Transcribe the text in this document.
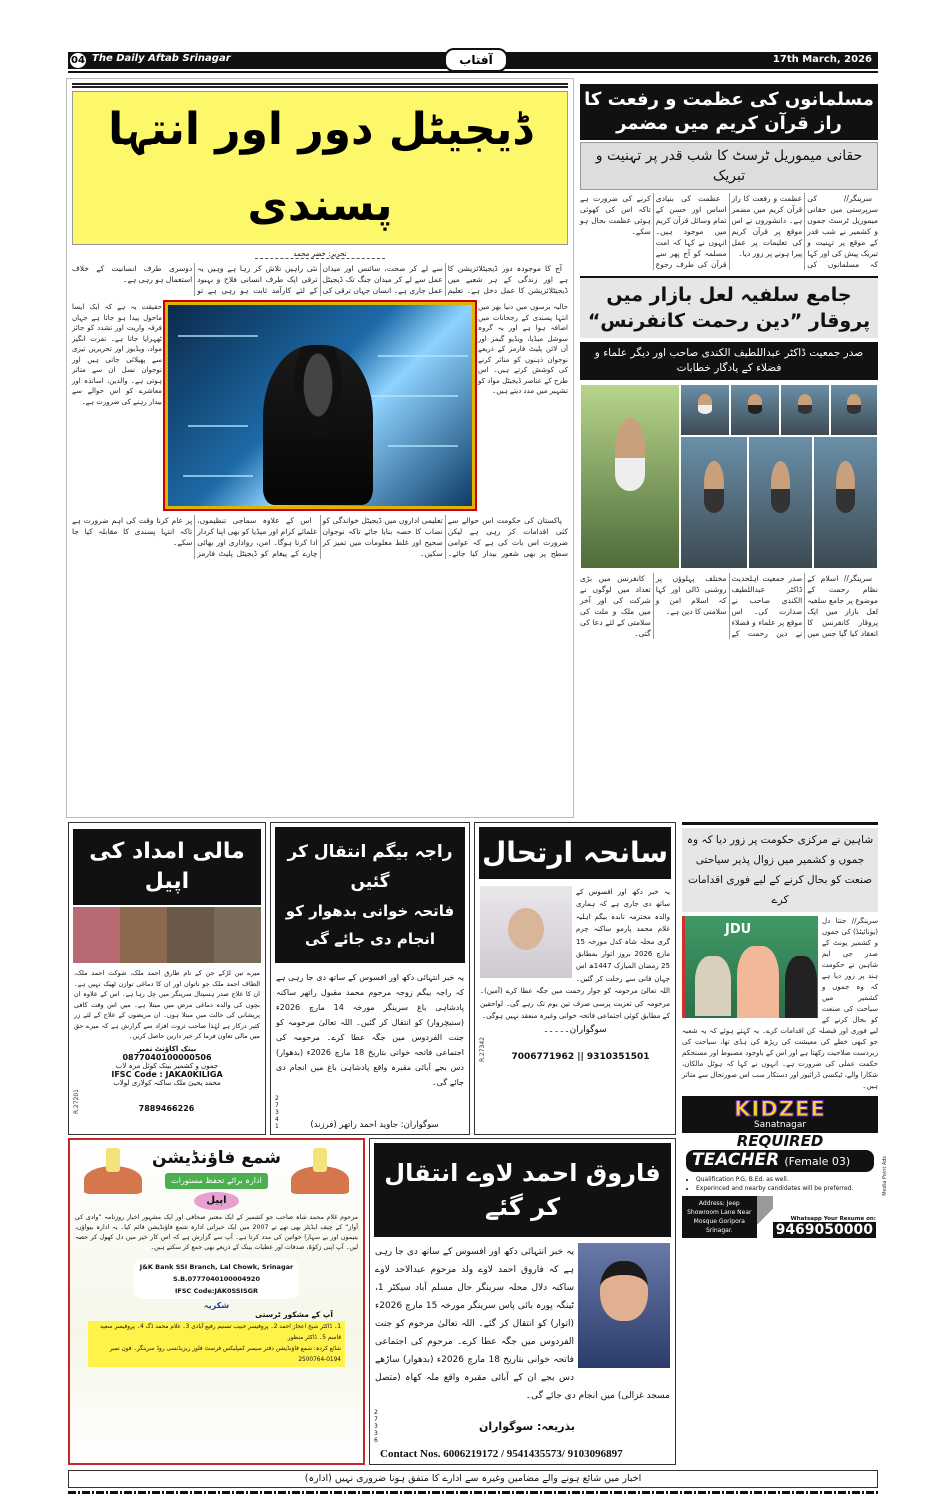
04 The Daily Aftab Srinagar	آفتاب	17th March, 2026
ڈیجیٹل دور اور انتہا پسندی
تحریر: خضر محمد

آج کا موجودہ دور ڈیجیٹلائزیشن کا ہے اور زندگی کے ہر شعبے میں ڈیجیٹلائزیشن کا عمل دخل ہے۔ تعلیم سے لے کر صحت، سائنس اور میدان عمل سے لے کر میدان جنگ تک ڈیجیٹل عمل جاری ہے۔ انسان جہاں ترقی کی نئی راہیں تلاش کر رہا ہے وہیں یہ ترقی ایک طرف انسانی فلاح و بہبود کے لئے کارآمد ثابت ہو رہی ہے تو دوسری طرف انسانیت کے خلاف استعمال ہو رہی ہے۔

حقیقت یہ ہے کہ ایک ایسا ماحول پیدا ہو جاتا ہے جہاں فرقہ واریت اور تشدد کو جائز ٹھہرایا جاتا ہے۔ نفرت انگیز مواد، ویڈیوز اور تحریریں تیزی سے پھیلائی جاتی ہیں اور نوجوان نسل ان سے متاثر ہوتی ہے۔ والدین، اساتذہ اور معاشرے کو اس حوالے سے بیدار رہنے کی ضرورت ہے۔
حالیہ برسوں میں دنیا بھر میں انتہا پسندی کے رجحانات میں اضافہ ہوا ہے اور یہ گروہ سوشل میڈیا، ویڈیو گیمز اور آن لائن پلیٹ فارمز کے ذریعے نوجوان ذہنوں کو متاثر کرنے کی کوشش کرتے ہیں۔ اس طرح کے عناصر ڈیجیٹل مواد کو تشہیر میں مدد دیتے ہیں۔

پاکستان کی حکومت اس حوالے سے کئی اقدامات کر رہی ہے لیکن ضرورت اس بات کی ہے کہ عوامی سطح پر بھی شعور بیدار کیا جائے۔ تعلیمی اداروں میں ڈیجیٹل خواندگی کو نصاب کا حصہ بنایا جائے تاکہ نوجوان صحیح اور غلط معلومات میں تمیز کر سکیں۔

اس کے علاوہ سماجی تنظیموں، علمائے کرام اور میڈیا کو بھی اپنا کردار ادا کرنا ہوگا۔ امن، رواداری اور بھائی چارے کے پیغام کو ڈیجیٹل پلیٹ فارمز پر عام کرنا وقت کی اہم ضرورت ہے تاکہ انتہا پسندی کا مقابلہ کیا جا سکے۔

مسلمانوں کی عظمت و رفعت کا راز قرآن کریم میں مضمر
حقانی میموریل ٹرسٹ کا شب قدر پر تہنیت و تبریک

سرینگر// کی سرپرستی میں حقانی میموریل ٹرسٹ جموں و کشمیر نے شب قدر کے موقع پر تہنیت و تبریک پیش کی اور کہا کہ مسلمانوں کی عظمت و رفعت کا راز قرآن کریم میں مضمر ہے۔ دانشوروں نے اس موقع پر قرآن کریم کی تعلیمات پر عمل پیرا ہونے پر زور دیا۔

عظمت کی بنیادی اساس اور حسن کے تمام وسائل قرآن کریم میں موجود ہیں۔ انہوں نے کہا کہ امت مسلمہ کو آج پھر سے قرآن کی طرف رجوع کرنے کی ضرورت ہے تاکہ اس کی کھوئی ہوئی عظمت بحال ہو سکے۔

جامع سلفیہ لعل بازار میں پروقار ”دین رحمت کانفرنس“
صدر جمعیت ڈاکٹر عبداللطیف الکندی صاحب اور دیگر علماء و فضلاء کے یادگار خطابات

سرینگر// اسلام کے نظام رحمت کے موضوع پر جامع سلفیہ لعل بازار میں ایک پروقار کانفرنس کا انعقاد کیا گیا جس میں صدر جمعیت اہلحدیث ڈاکٹر عبداللطیف الکندی صاحب نے صدارت کی۔ اس موقع پر علماء و فضلاء نے دین رحمت کے مختلف پہلوؤں پر روشنی ڈالی اور کہا کہ اسلام امن و سلامتی کا دین ہے۔

کانفرنس میں بڑی تعداد میں لوگوں نے شرکت کی اور آخر میں ملک و ملت کی سلامتی کے لئے دعا کی گئی۔

مالی امداد کی اپیل
میرے تین لڑکے جن کے نام طارق احمد ملک، شوکت احمد ملک، الطاف احمد ملک جو ناتوان اور ان کا دماغی توازن ٹھیک نہیں ہے۔ ان کا علاج صدر ہسپتال سرینگر میں چل رہا ہے۔ اس کے علاوہ ان بچوں کی والدہ دماغی مرض میں مبتلا ہے۔ میں اس وقت کافی پریشانی کی حالت میں مبتلا ہوں۔ ان مریضوں کے علاج کے لئے زر کثیر درکار ہے لہٰذا صاحب ثروت افراد سے گزارش ہے کہ میرے حق میں مالی تعاون فرما کر خیر دارین حاصل کریں۔
بینک اکاؤنٹ نمبر
0877040100000506
جموں و کشمیر بینک کوئل مرہ لاب
IFSC Code : JAKA0KILIGA
محمد یحییٰ ملک ساکنہ کولاری لولاب
R.27201	7889466226
راجہ بیگم انتقال کر گئیں
فاتحہ خوانی بدھوار کو انجام دی جائے گی
یہ خبر انتہائی دکھ اور افسوس کے ساتھ دی جا رہی ہے کہ راجہ بیگم زوجہ مرحوم محمد مقبول راتھر ساکنہ پادشاہی باغ سرینگر مورخہ 14 مارچ 2026ء (سنیچروار) کو انتقال کر گئیں۔ اللہ تعالیٰ مرحومہ کو جنت الفردوس میں جگہ عطا کرے۔ مرحومہ کی اجتماعی فاتحہ خوانی بتاریخ 18 مارچ 2026ء (بدھوار) دس بجے آبائی مقبرہ واقع پادشاہی باغ میں انجام دی جائے گی۔
27341	سوگواران: جاوید احمد راتھر (فرزند)
سانحہ ارتحال
یہ خبر دکھ اور افسوس کے ساتھ دی جاری ہے کہ ہماری والدہ محترمہ تابدہ بیگم اہلیہ غلام محمد پارمو ساکنہ چرم گری محلہ شاہ کدل مورخہ 15 مارچ 2026 بروز اتوار بمطابق 25 رمضان المبارک 1447ھ اس جہان فانی سے رحلت کر گئیں۔ اللہ تعالیٰ مرحومہ کو جوار رحمت میں جگہ عطا کرے (آمین)۔ مرحومہ کی تعزیت پرسی صرف تین یوم تک رہے گی۔ لواحقین کے مطابق کوئی اجتماعی فاتحہ خوانی وغیرہ منعقد نہیں ہوگی۔
سوگواران۔۔۔۔۔
R.27342	7006771962 || 9310351501
شمع فاؤنڈیشن
ادارہ برائے تحفظ مستورات
اپیل
مرحوم غلام محمد شاہ صاحب جو کشمیر کے ایک معتبر صحافی اور ایک مشہور اخبار روزنامہ ”وادی کی آواز“ کے چیف ایڈیٹر بھی تھے نے 2007 میں ایک خیراتی ادارہ شمع فاؤنڈیشن قائم کیا۔ یہ ادارہ بیواؤں، یتیموں اور بے سہارا خواتین کی مدد کرتا ہے۔ آپ سے گزارش ہے کہ اس کار خیر میں دل کھول کر حصہ لیں۔ آپ اپنی زکوٰۃ، صدقات اور عطیات بینک کے ذریعے بھی جمع کر سکتے ہیں۔
J&K Bank SSI Branch, Lal Chowk, Srinagar
S.B.0777040100004920
IFSC Code:JAK0SSISGR
شکریہ
آپ کے مشکور ٹرستی
1۔ ڈاکٹر شیخ اعجاز احمد 2۔ پروفیسر حبیب تسنیم رفیع آبادی 3۔ غلام محمد ڈگ 4۔ پروفیسر سعید قاسم 5۔ ڈاکٹر منظور
شائع کردہ: شمع فاؤنڈیشن دفتر سیمبر کمپلیکس فرسٹ فلور ریزیڈنسی روڈ سرینگر۔ فون نمبر 0194-2500764
فاروق احمد لاوے انتقال کر گئے
یہ خبر انتہائی دکھ اور افسوس کے ساتھ دی جا رہی ہے کہ فاروق احمد لاوے ولد مرحوم عبدالاحد لاوے ساکنہ دلال محلہ سرینگر حال مسلم آباد سیکٹر 1، ٹینگہ پورہ بائی پاس سرینگر مورخہ 15 مارچ 2026ء (اتوار) کو انتقال کر گئے۔ اللہ تعالیٰ مرحوم کو جنت الفردوس میں جگہ عطا کرے۔ مرحوم کی اجتماعی فاتحہ خوانی بتاریخ 18 مارچ 2026ء (بدھوار) ساڑھے دس بجے ان کے آبائی مقبرہ واقع ملہ کھاہ (متصل مسجد غزالی) میں انجام دی جائے گی۔
27336
بذریعہ: سوگواران
Contact Nos. 6006219172 / 9541435573/ 9103096897
شاہین نے مرکزی حکومت پر زور دیا کہ وہ جموں و کشمیر میں زوال پذیر سیاحتی صنعت کو بحال کرنے کے لیے فوری اقدامات کرے
JDU
سرینگر// جنتا دل (یونائیٹڈ) کی جموں و کشمیر یونٹ کے صدر جی ایم شاہین نے حکومت ہند پر زور دیا ہے کہ وہ جموں و کشمیر میں سیاحت کی صنعت کو بحال کرنے کے لیے فوری اور فیصلہ کن اقدامات کرے۔ یہ کہتے ہوئے کہ یہ شعبہ جو کبھی خطے کی معیشت کی ریڑھ کی ہڈی تھا، سیاحت کی زبردست صلاحیت رکھتا ہے اور اس کے باوجود مضبوط اور مستحکم حکمت عملی کی ضرورت ہے۔ انہوں نے کہا کہ ہوٹل مالکان، شکارا والے، ٹیکسی ڈرائیور اور دستکار سب اس صورتحال سے متاثر ہیں۔
KIDZEE
Sanatnagar
REQUIRED
TEACHER (Female 03)
• Qualification P.G, B.Ed. as well.
• Experinced and nearby candidates will be preferred.
Address: Jeep Showroom Lane Near Mosque Goripora Srinagar.
Whatsapp Your Resume on:
9469050000
Media Point Ads
اخبار میں شائع ہونے والے مضامین وغیرہ سے ادارے کا متفق ہونا ضروری نہیں (ادارہ)
